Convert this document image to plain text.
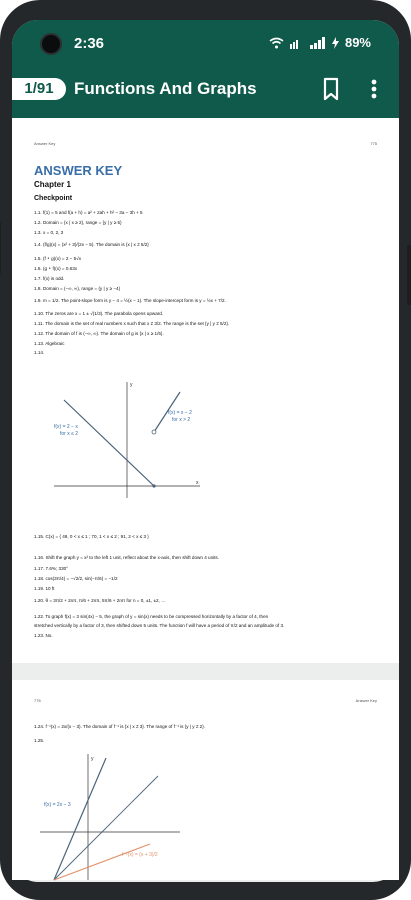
2:36	89%
1/91	Functions And Graphs
Answer Key	775
ANSWER KEY
Chapter 1
Checkpoint
1.1. f(1) = 5 and f(a + h) = a² + 2ah + h² − 3a − 3h + 5
1.2. Domain = {x | x ≥ 2}, range = {y | y ≥ 5}
1.3. x = 0, 2, 3
1.4. (f/g)(x) = (x² + 3)/(2x − 5). The domain is {x | x ≠ 5/2}
1.5. (f ∘ g)(x) = 2 − 5√x
1.6. (g ∘ f)(x) = 0.63x
1.7. f(x) is odd.
1.8. Domain = (−∞, ∞), range = {y | y ≥ −4}
1.9. m = 1/2. The point-slope form is y − 4 = ½(x − 1). The slope-intercept form is y = ½x + 7/2.
1.10. The zeros are x = 1 ± √(1/3). The parabola opens upward.
1.11. The domain is the set of real numbers x such that x ≠ 3/2. The range is the set {y | y ≠ 5/2}.
1.12. The domain of f is (−∞, ∞). The domain of g is {x | x ≥ 1/5}.
1.13. Algebraic
1.14.
y
x
f(x) = 2 − x
for x ≤ 2
f(x) = x − 2
for x > 2
1.15. C(x) = { 49, 0 < x ≤ 1 ; 70, 1 < x ≤ 2 ; 91, 2 < x ≤ 3 }
1.16. Shift the graph y = x² to the left 1 unit, reflect about the x-axis, then shift down 4 units.
1.17. 7.6%; 330°
1.18. cos(3π/4) = −√2/2, sin(−π/6) = −1/2
1.19. 10 ft
1.20. θ = 3π/2 + 2nπ, π/6 + 2nπ, 5π/6 + 2nπ for n = 0, ±1, ±2, …
1.22. To graph f(x) = 3 sin(4x) − 5, the graph of y = sin(x) needs to be compressed horizontally by a factor of 4, then
stretched vertically by a factor of 3, then shifted down 5 units. The function f will have a period of π/2 and an amplitude of 3.
1.23. No.
776	Answer Key
1.24. f⁻¹(x) = 2x/(x − 3). The domain of f⁻¹ is {x | x ≠ 3}. The range of f⁻¹ is {y | y ≠ 2}.
1.25.
y
f(x) = 2x − 3
f⁻¹(x) = (x + 3)/2
